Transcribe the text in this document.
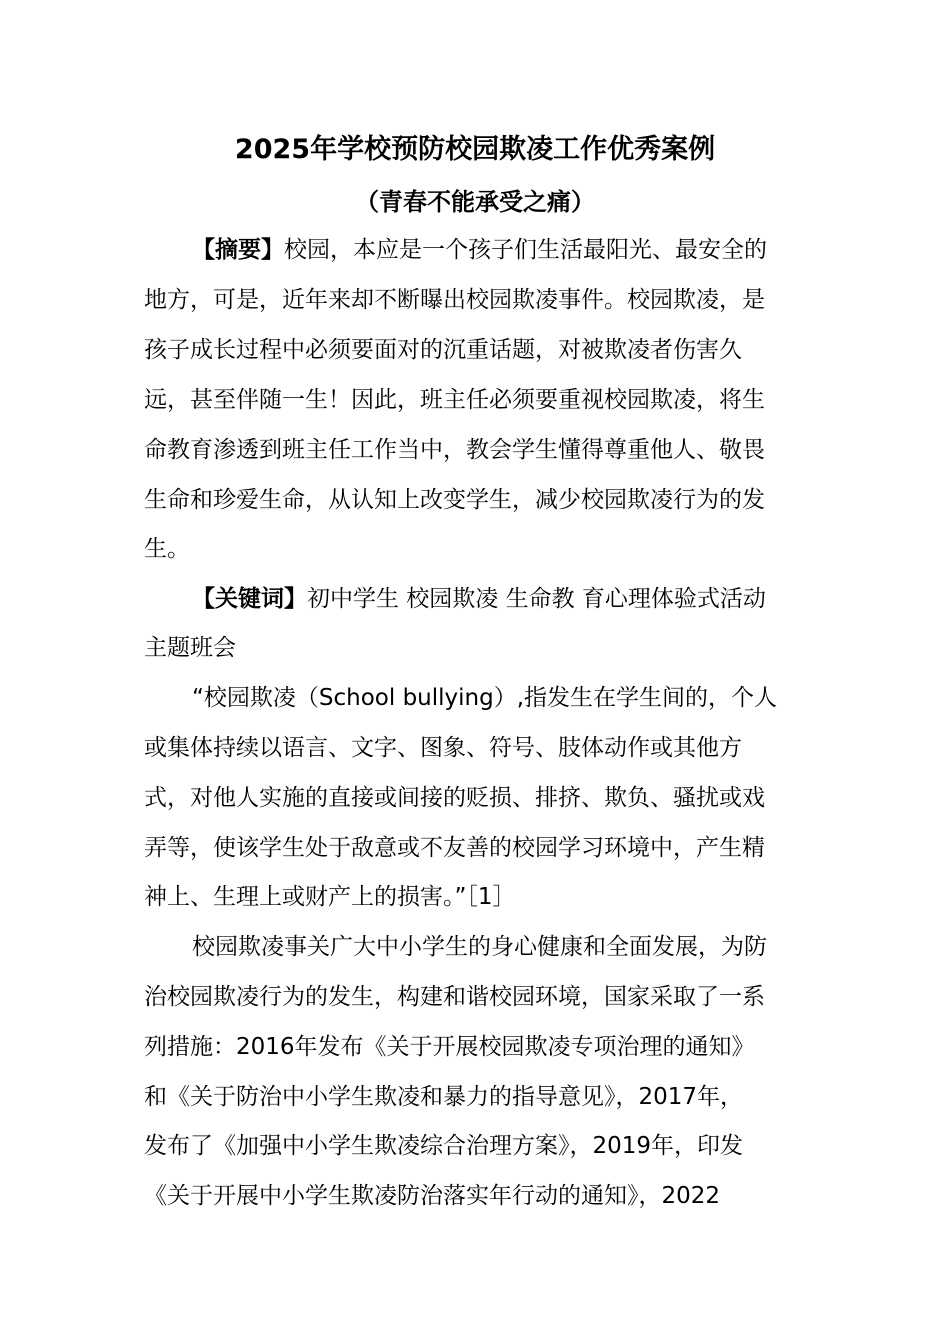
2025年学校预防校园欺凌工作优秀案例
（青春不能承受之痛）
【摘要】校园，本应是一个孩子们生活最阳光、最安全的
地方，可是，近年来却不断曝出校园欺凌事件。校园欺凌，是
孩子成长过程中必须要面对的沉重话题，对被欺凌者伤害久
远，甚至伴随一生！因此，班主任必须要重视校园欺凌，将生
命教育渗透到班主任工作当中，教会学生懂得尊重他人、敬畏
生命和珍爱生命，从认知上改变学生，减少校园欺凌行为的发
生。
【关键词】初中学生 校园欺凌 生命教 育心理体验式活动
主题班会
“校园欺凌（School bullying）,指发生在学生间的，个人
或集体持续以语言、文字、图象、符号、肢体动作或其他方
式，对他人实施的直接或间接的贬损、排挤、欺负、骚扰或戏
弄等，使该学生处于敌意或不友善的校园学习环境中，产生精
神上、生理上或财产上的损害。”［1］
校园欺凌事关广大中小学生的身心健康和全面发展，为防
治校园欺凌行为的发生，构建和谐校园环境，国家采取了一系
列措施：2016年发布《关于开展校园欺凌专项治理的通知》
和《关于防治中小学生欺凌和暴力的指导意见》，2017年，
发布了《加强中小学生欺凌综合治理方案》，2019年，印发
《关于开展中小学生欺凌防治落实年行动的通知》，2022
